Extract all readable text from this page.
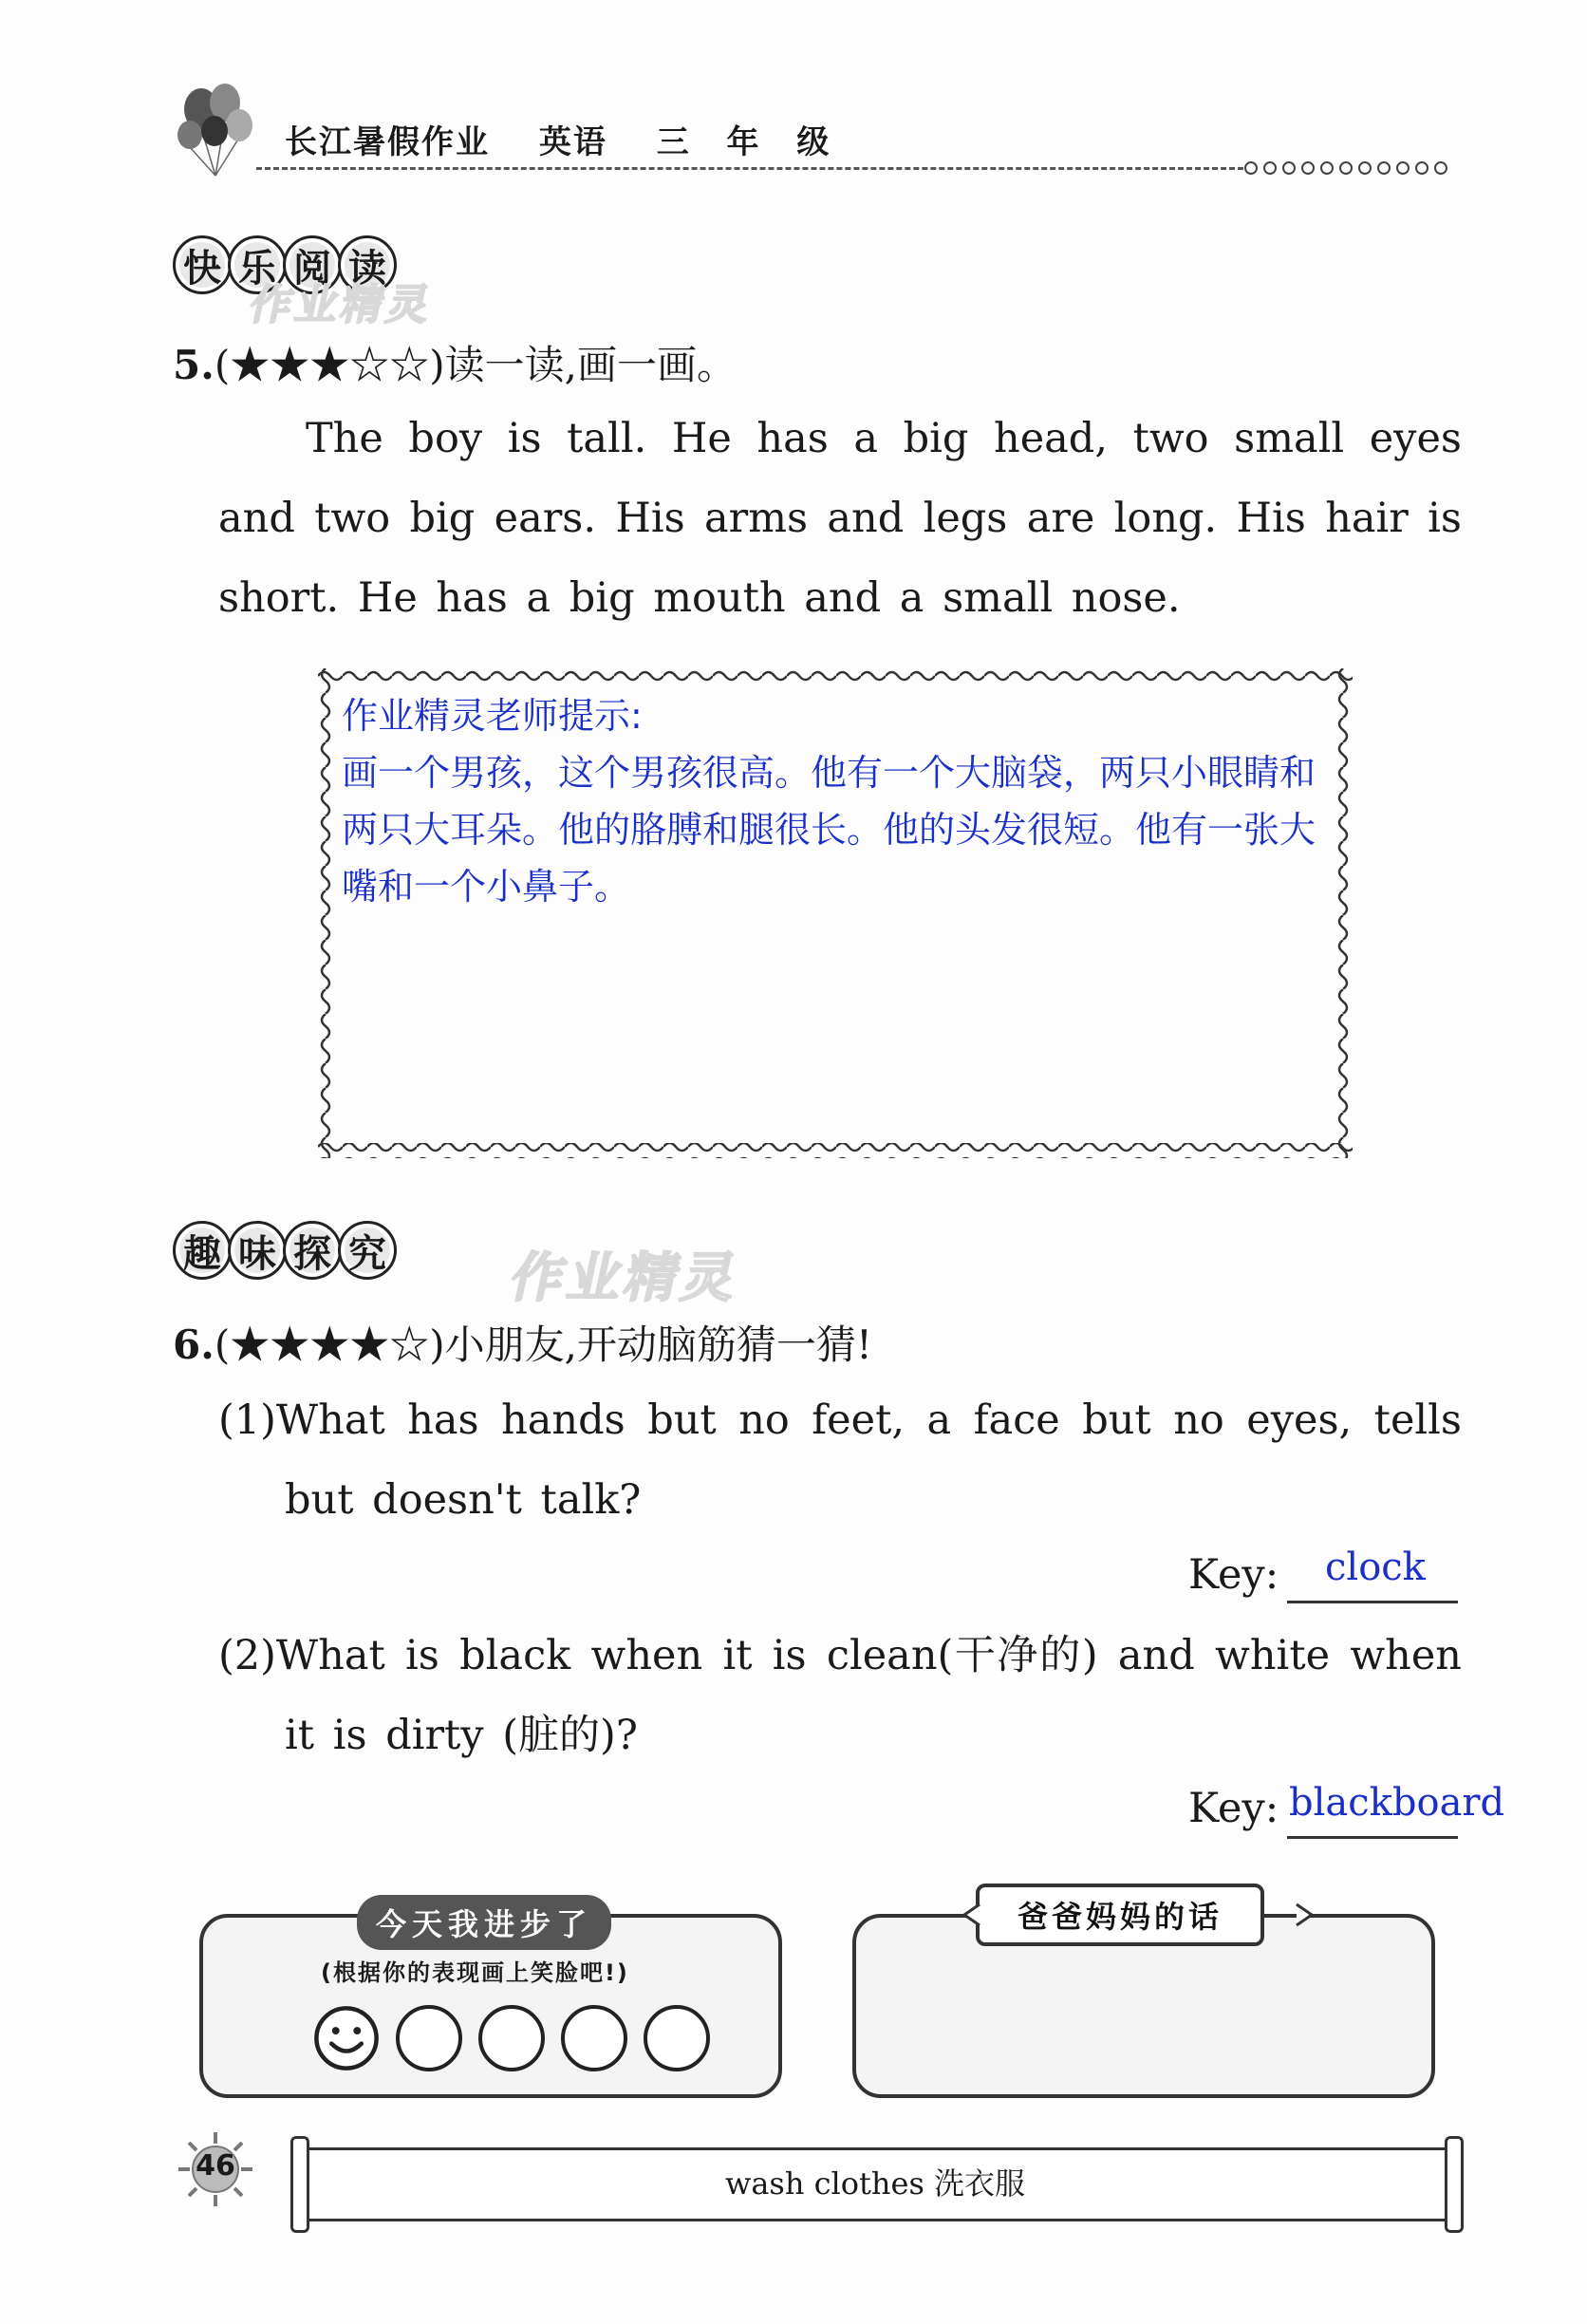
长江暑假作业 英语 三 年 级
快 乐 阅 读
作业精灵
5.(★★★☆☆)读一读,画一画。
The boy is tall. He has a big head, two small eyes and two big ears. His arms and legs are long. His hair is short. He has a big mouth and a small nose.
作业精灵老师提示:
画一个男孩，这个男孩很高。他有一个大脑袋，两只小眼睛和两只大耳朵。他的胳膊和腿很长。他的头发很短。他有一张大嘴和一个小鼻子。
趣 味 探 究 作业精灵
6.(★★★★☆)小朋友,开动脑筋猜一猜!
(1)What has hands but no feet, a face but no eyes, tells but doesn't talk?
Key: clock
(2)What is black when it is clean(干净的) and white when it is dirty (脏的)?
Key: blackboard
今天我进步了
(根据你的表现画上笑脸吧!)

爸爸妈妈的话
46	wash clothes 洗衣服
